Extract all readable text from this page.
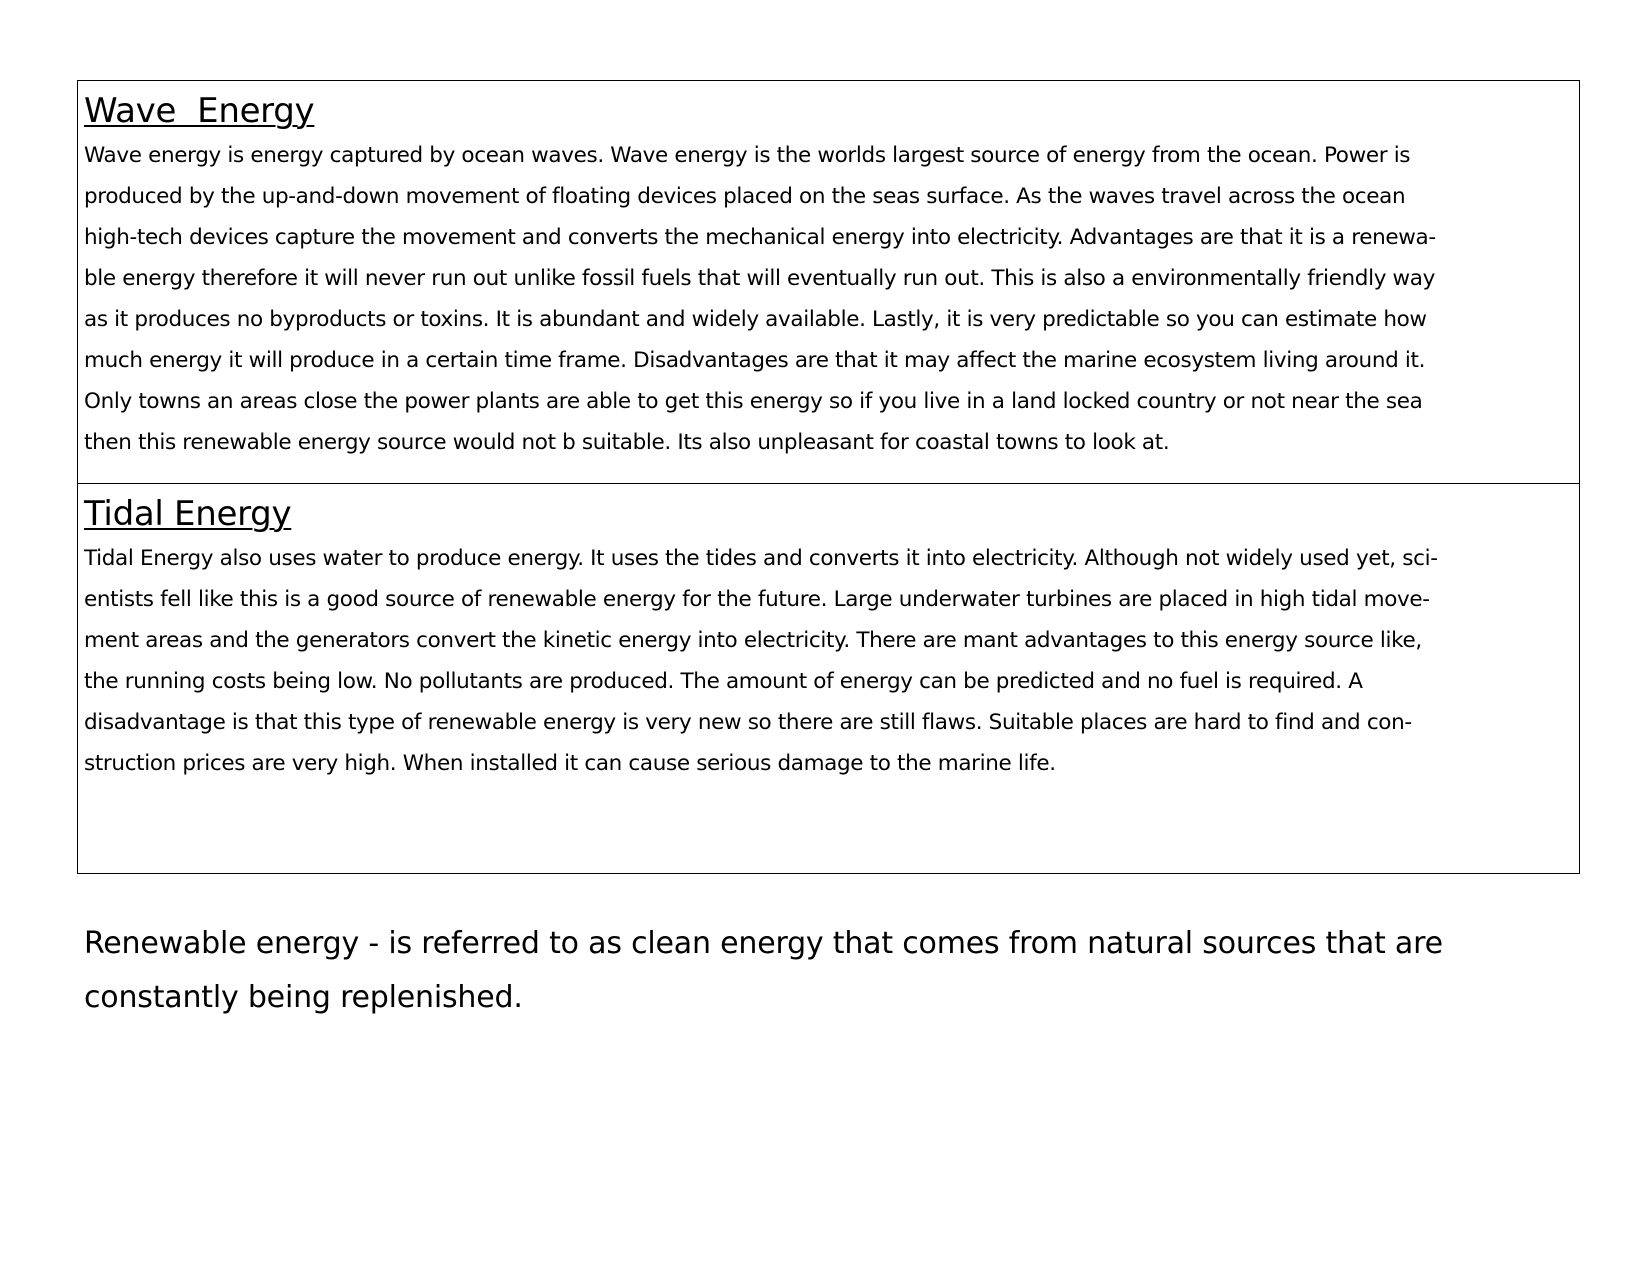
Wave  Energy
Wave energy is energy captured by ocean waves. Wave energy is the worlds largest source of energy from the ocean. Power is
produced by the up-and-down movement of floating devices placed on the seas surface. As the waves travel across the ocean
high-tech devices capture the movement and converts the mechanical energy into electricity. Advantages are that it is a renewa-
ble energy therefore it will never run out unlike fossil fuels that will eventually run out. This is also a environmentally friendly way
as it produces no byproducts or toxins. It is abundant and widely available. Lastly, it is very predictable so you can estimate how
much energy it will produce in a certain time frame. Disadvantages are that it may affect the marine ecosystem living around it.
Only towns an areas close the power plants are able to get this energy so if you live in a land locked country or not near the sea
then this renewable energy source would not b suitable. Its also unpleasant for coastal towns to look at.
Tidal Energy
Tidal Energy also uses water to produce energy. It uses the tides and converts it into electricity. Although not widely used yet, sci-
entists fell like this is a good source of renewable energy for the future. Large underwater turbines are placed in high tidal move-
ment areas and the generators convert the kinetic energy into electricity. There are mant advantages to this energy source like,
the running costs being low. No pollutants are produced. The amount of energy can be predicted and no fuel is required. A
disadvantage is that this type of renewable energy is very new so there are still flaws. Suitable places are hard to find and con-
struction prices are very high. When installed it can cause serious damage to the marine life.
Renewable energy - is referred to as clean energy that comes from natural sources that are
constantly being replenished.
